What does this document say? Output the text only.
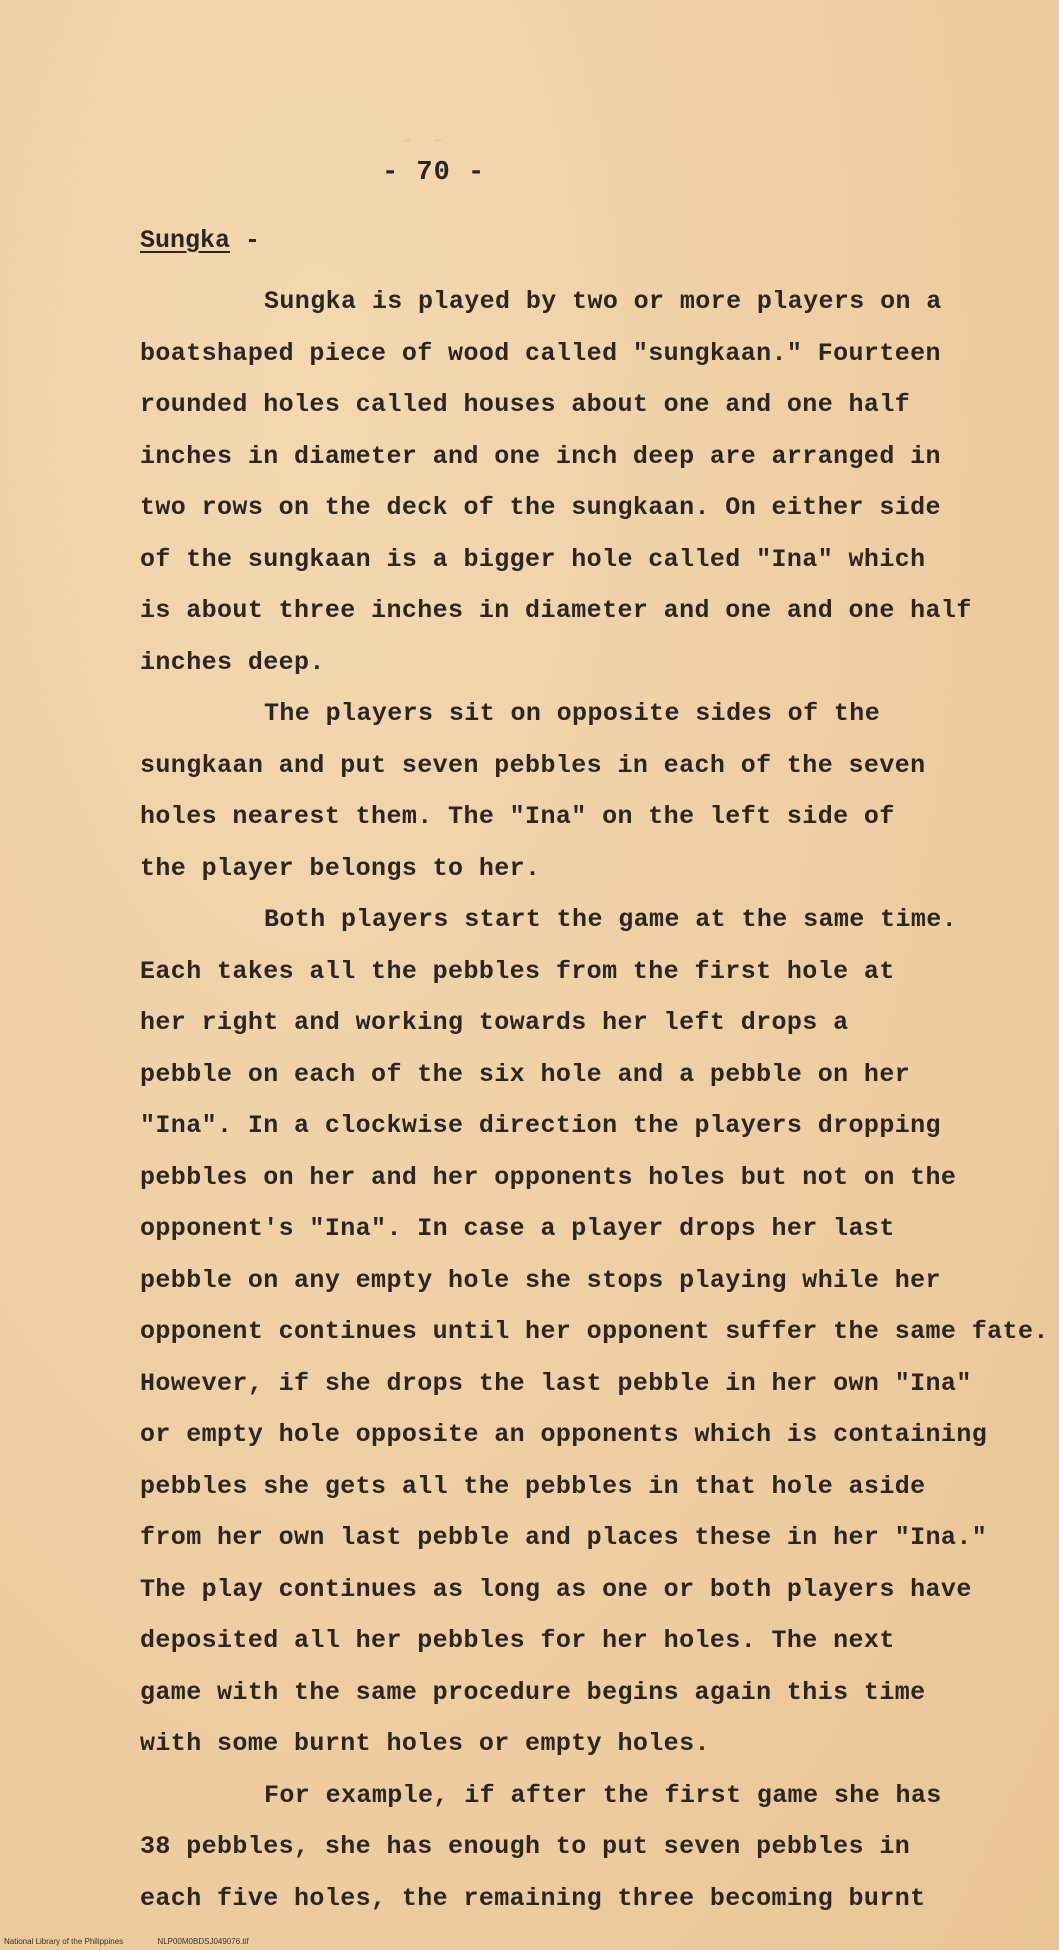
- -
- 70 -
Sungka -
Sungka is played by two or more players on a
boatshaped piece of wood called "sungkaan." Fourteen
rounded holes called houses about one and one half
inches in diameter and one inch deep are arranged in
two rows on the deck of the sungkaan. On either side
of the sungkaan is a bigger hole called "Ina" which
is about three inches in diameter and one and one half
inches deep.
The players sit on opposite sides of the
sungkaan and put seven pebbles in each of the seven
holes nearest them. The "Ina" on the left side of
the player belongs to her.
Both players start the game at the same time.
Each takes all the pebbles from the first hole at
her right and working towards her left drops a
pebble on each of the six hole and a pebble on her
"Ina". In a clockwise direction the players dropping
pebbles on her and her opponents holes but not on the
opponent's "Ina". In case a player drops her last
pebble on any empty hole she stops playing while her
opponent continues until her opponent suffer the same fate.
However, if she drops the last pebble in her own "Ina"
or empty hole opposite an opponents which is containing
pebbles she gets all the pebbles in that hole aside
from her own last pebble and places these in her "Ina."
The play continues as long as one or both players have
deposited all her pebbles for her holes. The next
game with the same procedure begins again this time
with some burnt holes or empty holes.
For example, if after the first game she has
38 pebbles, she has enough to put seven pebbles in
each five holes, the remaining three becoming burnt
National Library of the Philippines	NLP00M0BDSJ049076.tif
